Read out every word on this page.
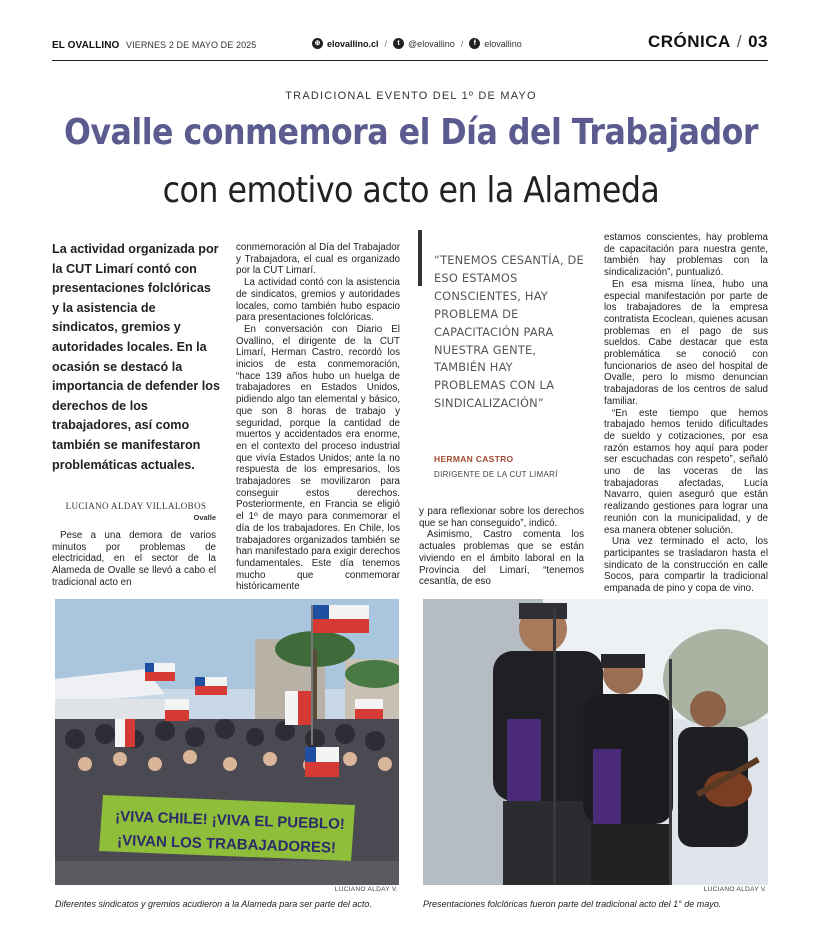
EL OVALLINO VIERNES 2 DE MAYO DE 2025	⊕ elovallino.cl /	t @elovallino /	f elovallino	CRÓNICA / 03
TRADICIONAL EVENTO DEL 1º DE MAYO
Ovalle conmemora el Día del Trabajador
con emotivo acto en la Alameda
La actividad organizada por la CUT Limarí contó con presentaciones folclóricas y la asistencia de sindicatos, gremios y autoridades locales. En la ocasión se destacó la importancia de defender los derechos de los trabajadores, así como también se manifestaron problemáticas actuales.
LUCIANO ALDAY VILLALOBOS
Ovalle

Pese a una demora de varios minutos por problemas de electricidad, en el sector de la Alameda de Ovalle se llevó a cabo el tradicional acto en

conmemoración al Día del Trabajador y Trabajadora, el cual es organizado por la CUT Limarí.

La actividad contó con la asistencia de sindicatos, gremios y autoridades locales, como también hubo espacio para presentaciones folclóricas.

En conversación con Diario El Ovallino, el dirigente de la CUT Limarí, Herman Castro, recordó los inicios de esta conmemoración, “hace 139 años hubo un huelga de trabajadores en Estados Unidos, pidiendo algo tan elemental y básico, que son 8 horas de trabajo y seguridad, porque la cantidad de muertos y accidentados era enorme, en el contexto del proceso industrial que vivía Estados Unidos; ante la no respuesta de los empresarios, los trabajadores se movilizaron para conseguir estos derechos. Posteriormente, en Francia se eligió el 1º de mayo para conmemorar el día de los trabajadores. En Chile, los trabajadores organizados también se han manifestado para exigir derechos fundamentales. Este día tenemos mucho que conmemorar históricamente

“TENEMOS CESANTÍA, DE ESO ESTAMOS CONSCIENTES, HAY PROBLEMA DE CAPACITACIÓN PARA NUESTRA GENTE, TAMBIÉN HAY PROBLEMAS CON LA SINDICALIZACIÓN”
HERMAN CASTRO
DIRIGENTE DE LA CUT LIMARÍ

y para reflexionar sobre los derechos que se han conseguido”, indicó.

Asimismo, Castro comenta los actuales problemas que se están viviendo en el ámbito laboral en la Provincia del Limarí, “tenemos cesantía, de eso

estamos conscientes, hay problema de capacitación para nuestra gente, también hay problemas con la sindicalización”, puntualizó.

En esa misma línea, hubo una especial manifestación por parte de los trabajadores de la empresa contratista Ecoclean, quienes acusan problemas en el pago de sus sueldos. Cabe destacar que esta problemática se conoció con funcionarios de aseo del hospital de Ovalle, pero lo mismo denuncian trabajadoras de los centros de salud familiar.

“En este tiempo que hemos trabajado hemos tenido dificultades de sueldo y cotizaciones, por esa razón estamos hoy aquí para poder ser escuchadas con respeto”, señaló uno de las voceras de las trabajadoras afectadas, Lucía Navarro, quien aseguró que están realizando gestiones para lograr una reunión con la municipalidad, y de esa manera obtener solución.

Una vez terminado el acto, los participantes se trasladaron hasta el sindicato de la construcción en calle Socos, para compartir la tradicional empanada de pino y copa de vino.

¡VIVA CHILE! ¡VIVA EL PUEBLO!
¡VIVAN LOS TRABAJADORES!
LUCIANO ALDAY V.
Diferentes sindicatos y gremios acudieron a la Alameda para ser parte del acto.
LUCIANO ALDAY V.
Presentaciones folclóricas fueron parte del tradicional acto del 1° de mayo.
